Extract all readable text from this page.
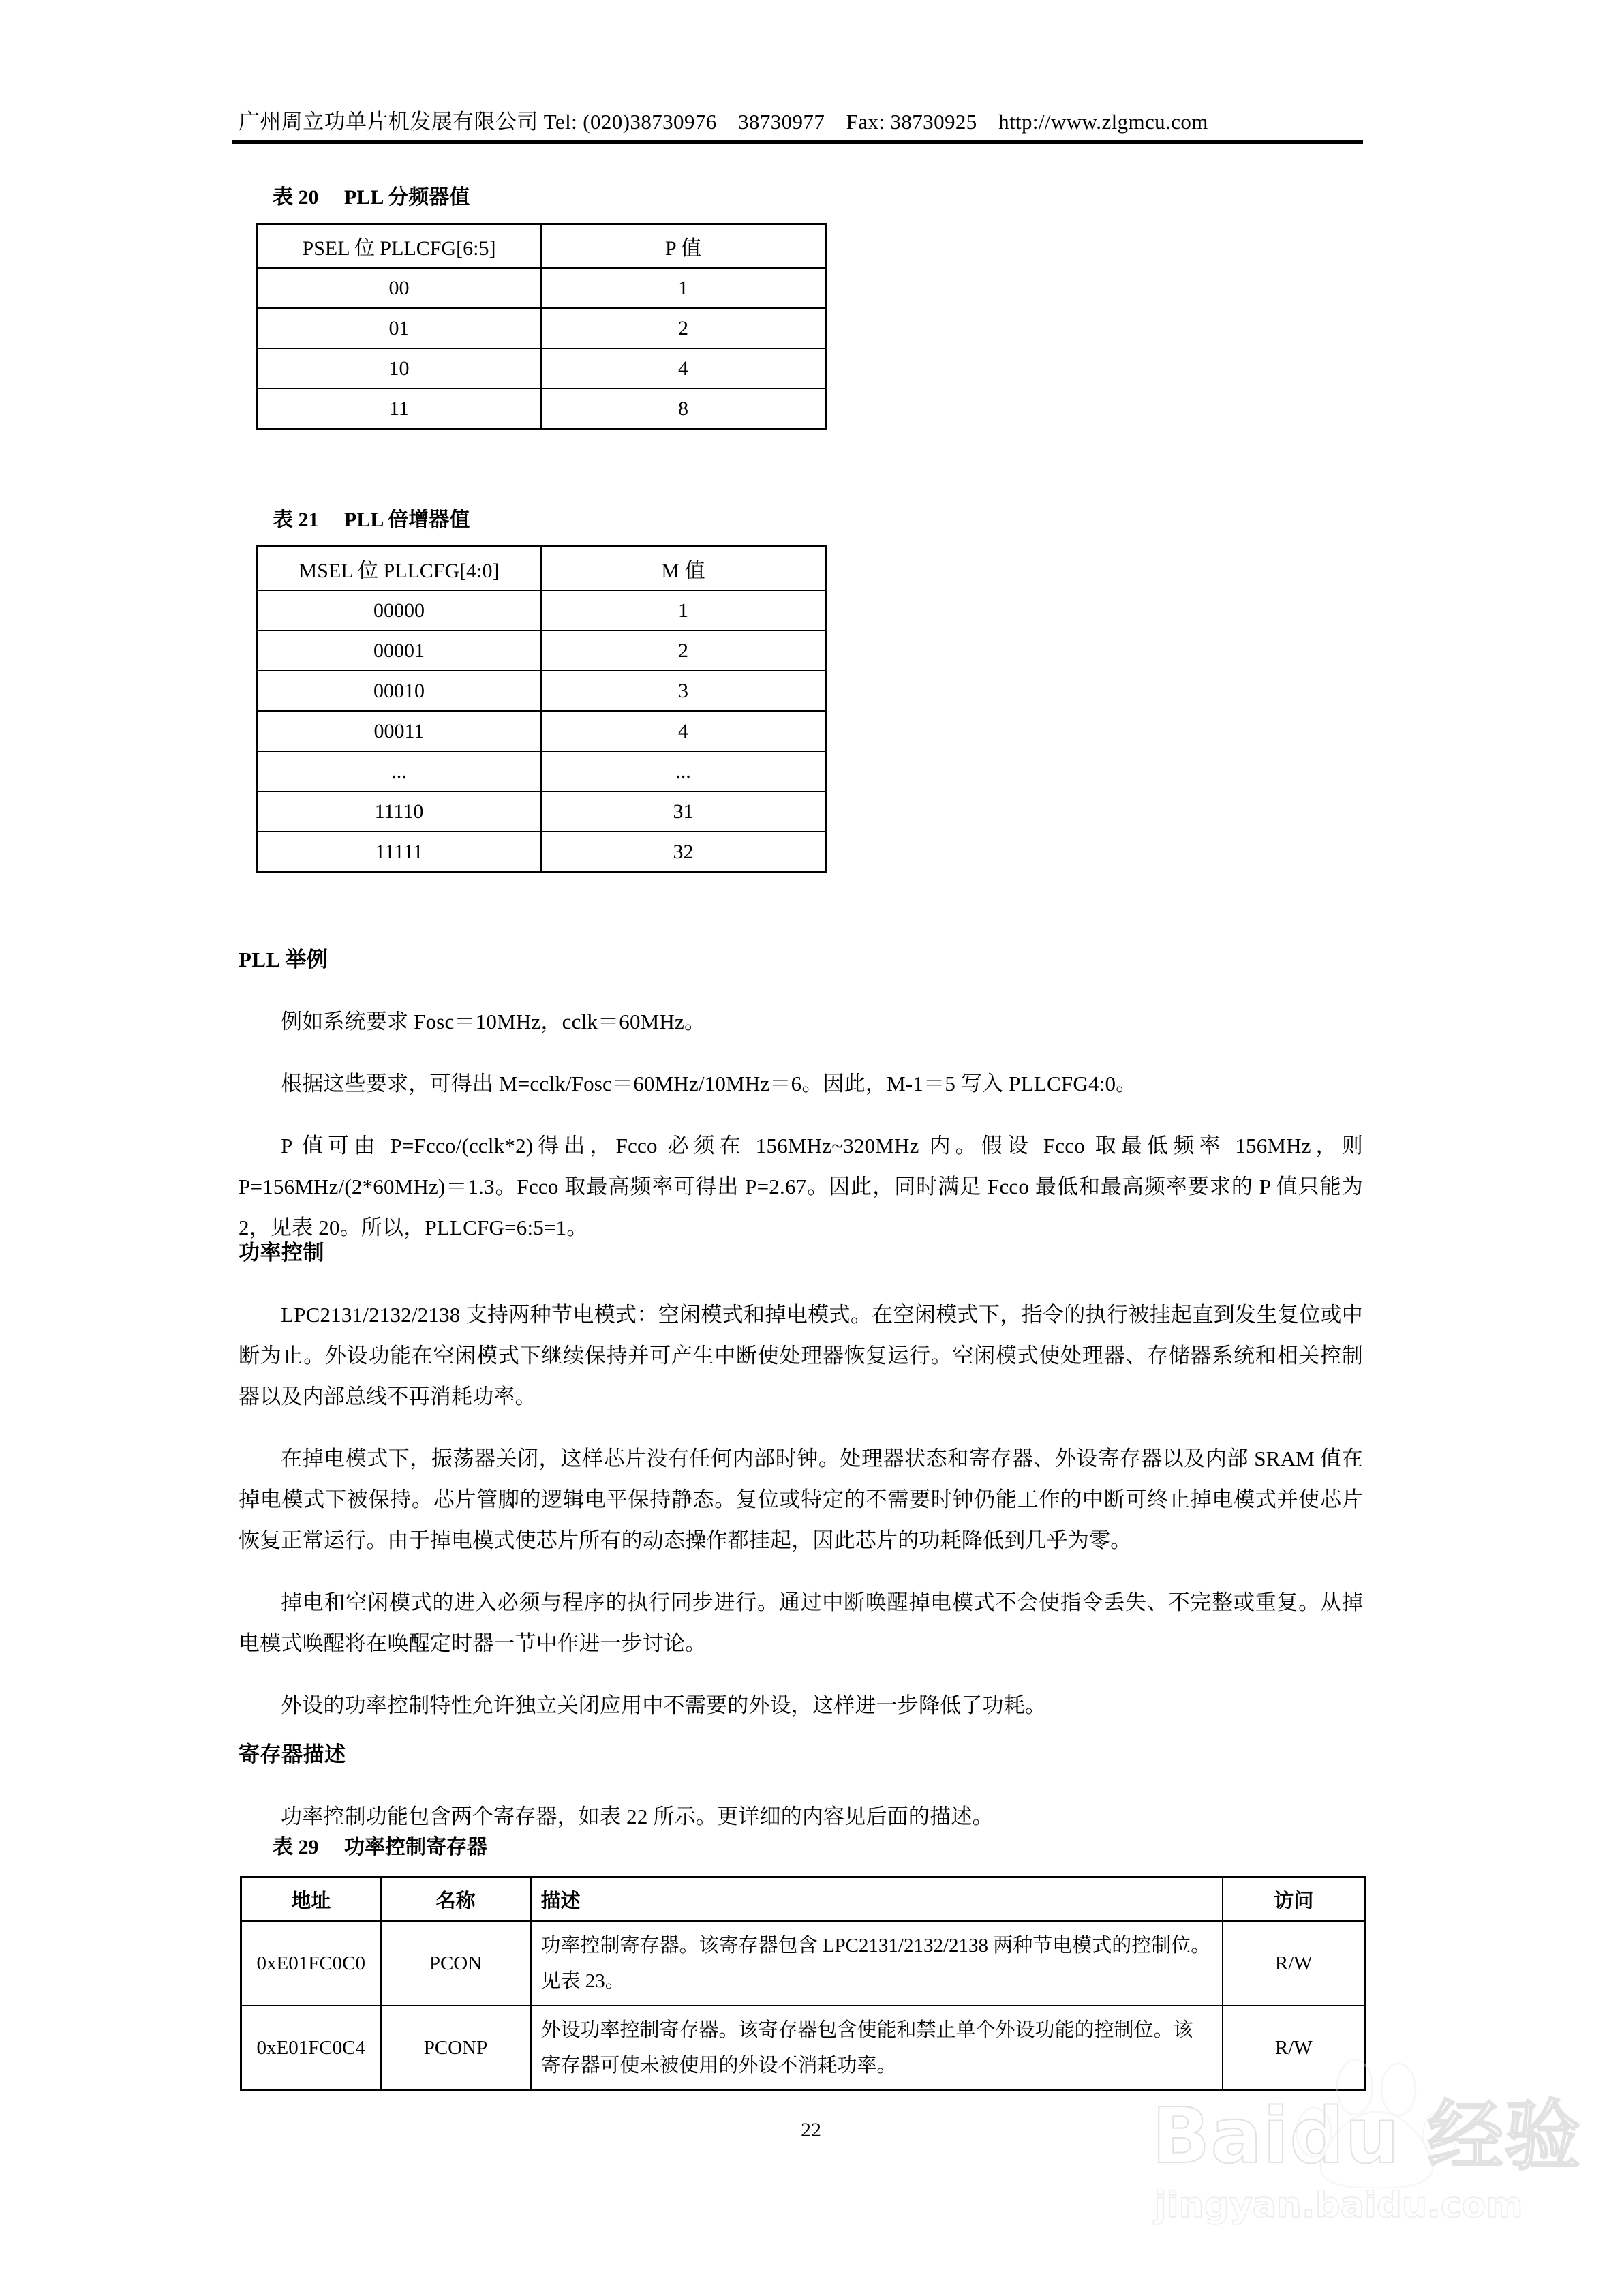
广州周立功单片机发展有限公司 Tel: (020)38730976　38730977　Fax: 38730925　http://www.zlgmcu.com
表 20 PLL 分频器值
PSEL 位 PLLCFG[6:5]	P 值
00	1
01	2
10	4
11	8
表 21 PLL 倍增器值
MSEL 位 PLLCFG[4:0]	M 值
00000	1
00001	2
00010	3
00011	4
...	...
11110	31
11111	32
PLL 举例

例如系统要求 Fosc＝10MHz，cclk＝60MHz。

根据这些要求，可得出 M=cclk/Fosc＝60MHz/10MHz＝6。因此，M-1＝5 写入 PLLCFG4:0。

P 值可由 P=Fcco/(cclk*2)得出，Fcco 必须在 156MHz~320MHz 内。假设 Fcco 取最低频率 156MHz，则P=156MHz/(2*60MHz)＝1.3。Fcco 取最高频率可得出 P=2.67。因此，同时满足 Fcco 最低和最高频率要求的 P 值只能为 2，见表 20。所以，PLLCFG=6:5=1。

功率控制

LPC2131/2132/2138 支持两种节电模式：空闲模式和掉电模式。在空闲模式下，指令的执行被挂起直到发生复位或中断为止。外设功能在空闲模式下继续保持并可产生中断使处理器恢复运行。空闲模式使处理器、存储器系统和相关控制器以及内部总线不再消耗功率。

在掉电模式下，振荡器关闭，这样芯片没有任何内部时钟。处理器状态和寄存器、外设寄存器以及内部 SRAM 值在掉电模式下被保持。芯片管脚的逻辑电平保持静态。复位或特定的不需要时钟仍能工作的中断可终止掉电模式并使芯片恢复正常运行。由于掉电模式使芯片所有的动态操作都挂起，因此芯片的功耗降低到几乎为零。

掉电和空闲模式的进入必须与程序的执行同步进行。通过中断唤醒掉电模式不会使指令丢失、不完整或重复。从掉电模式唤醒将在唤醒定时器一节中作进一步讨论。

外设的功率控制特性允许独立关闭应用中不需要的外设，这样进一步降低了功耗。

寄存器描述

功率控制功能包含两个寄存器，如表 22 所示。更详细的内容见后面的描述。

表 29 功率控制寄存器
地址	名称	描述	访问
0xE01FC0C0	PCON	功率控制寄存器。该寄存器包含 LPC2131/2132/2138 两种节电模式的控制位。见表 23。	R/W
0xE01FC0C4	PCONP	外设功率控制寄存器。该寄存器包含使能和禁止单个外设功能的控制位。该寄存器可使未被使用的外设不消耗功率。	R/W
Baidu 经验
jingyan.baidu.com
22
